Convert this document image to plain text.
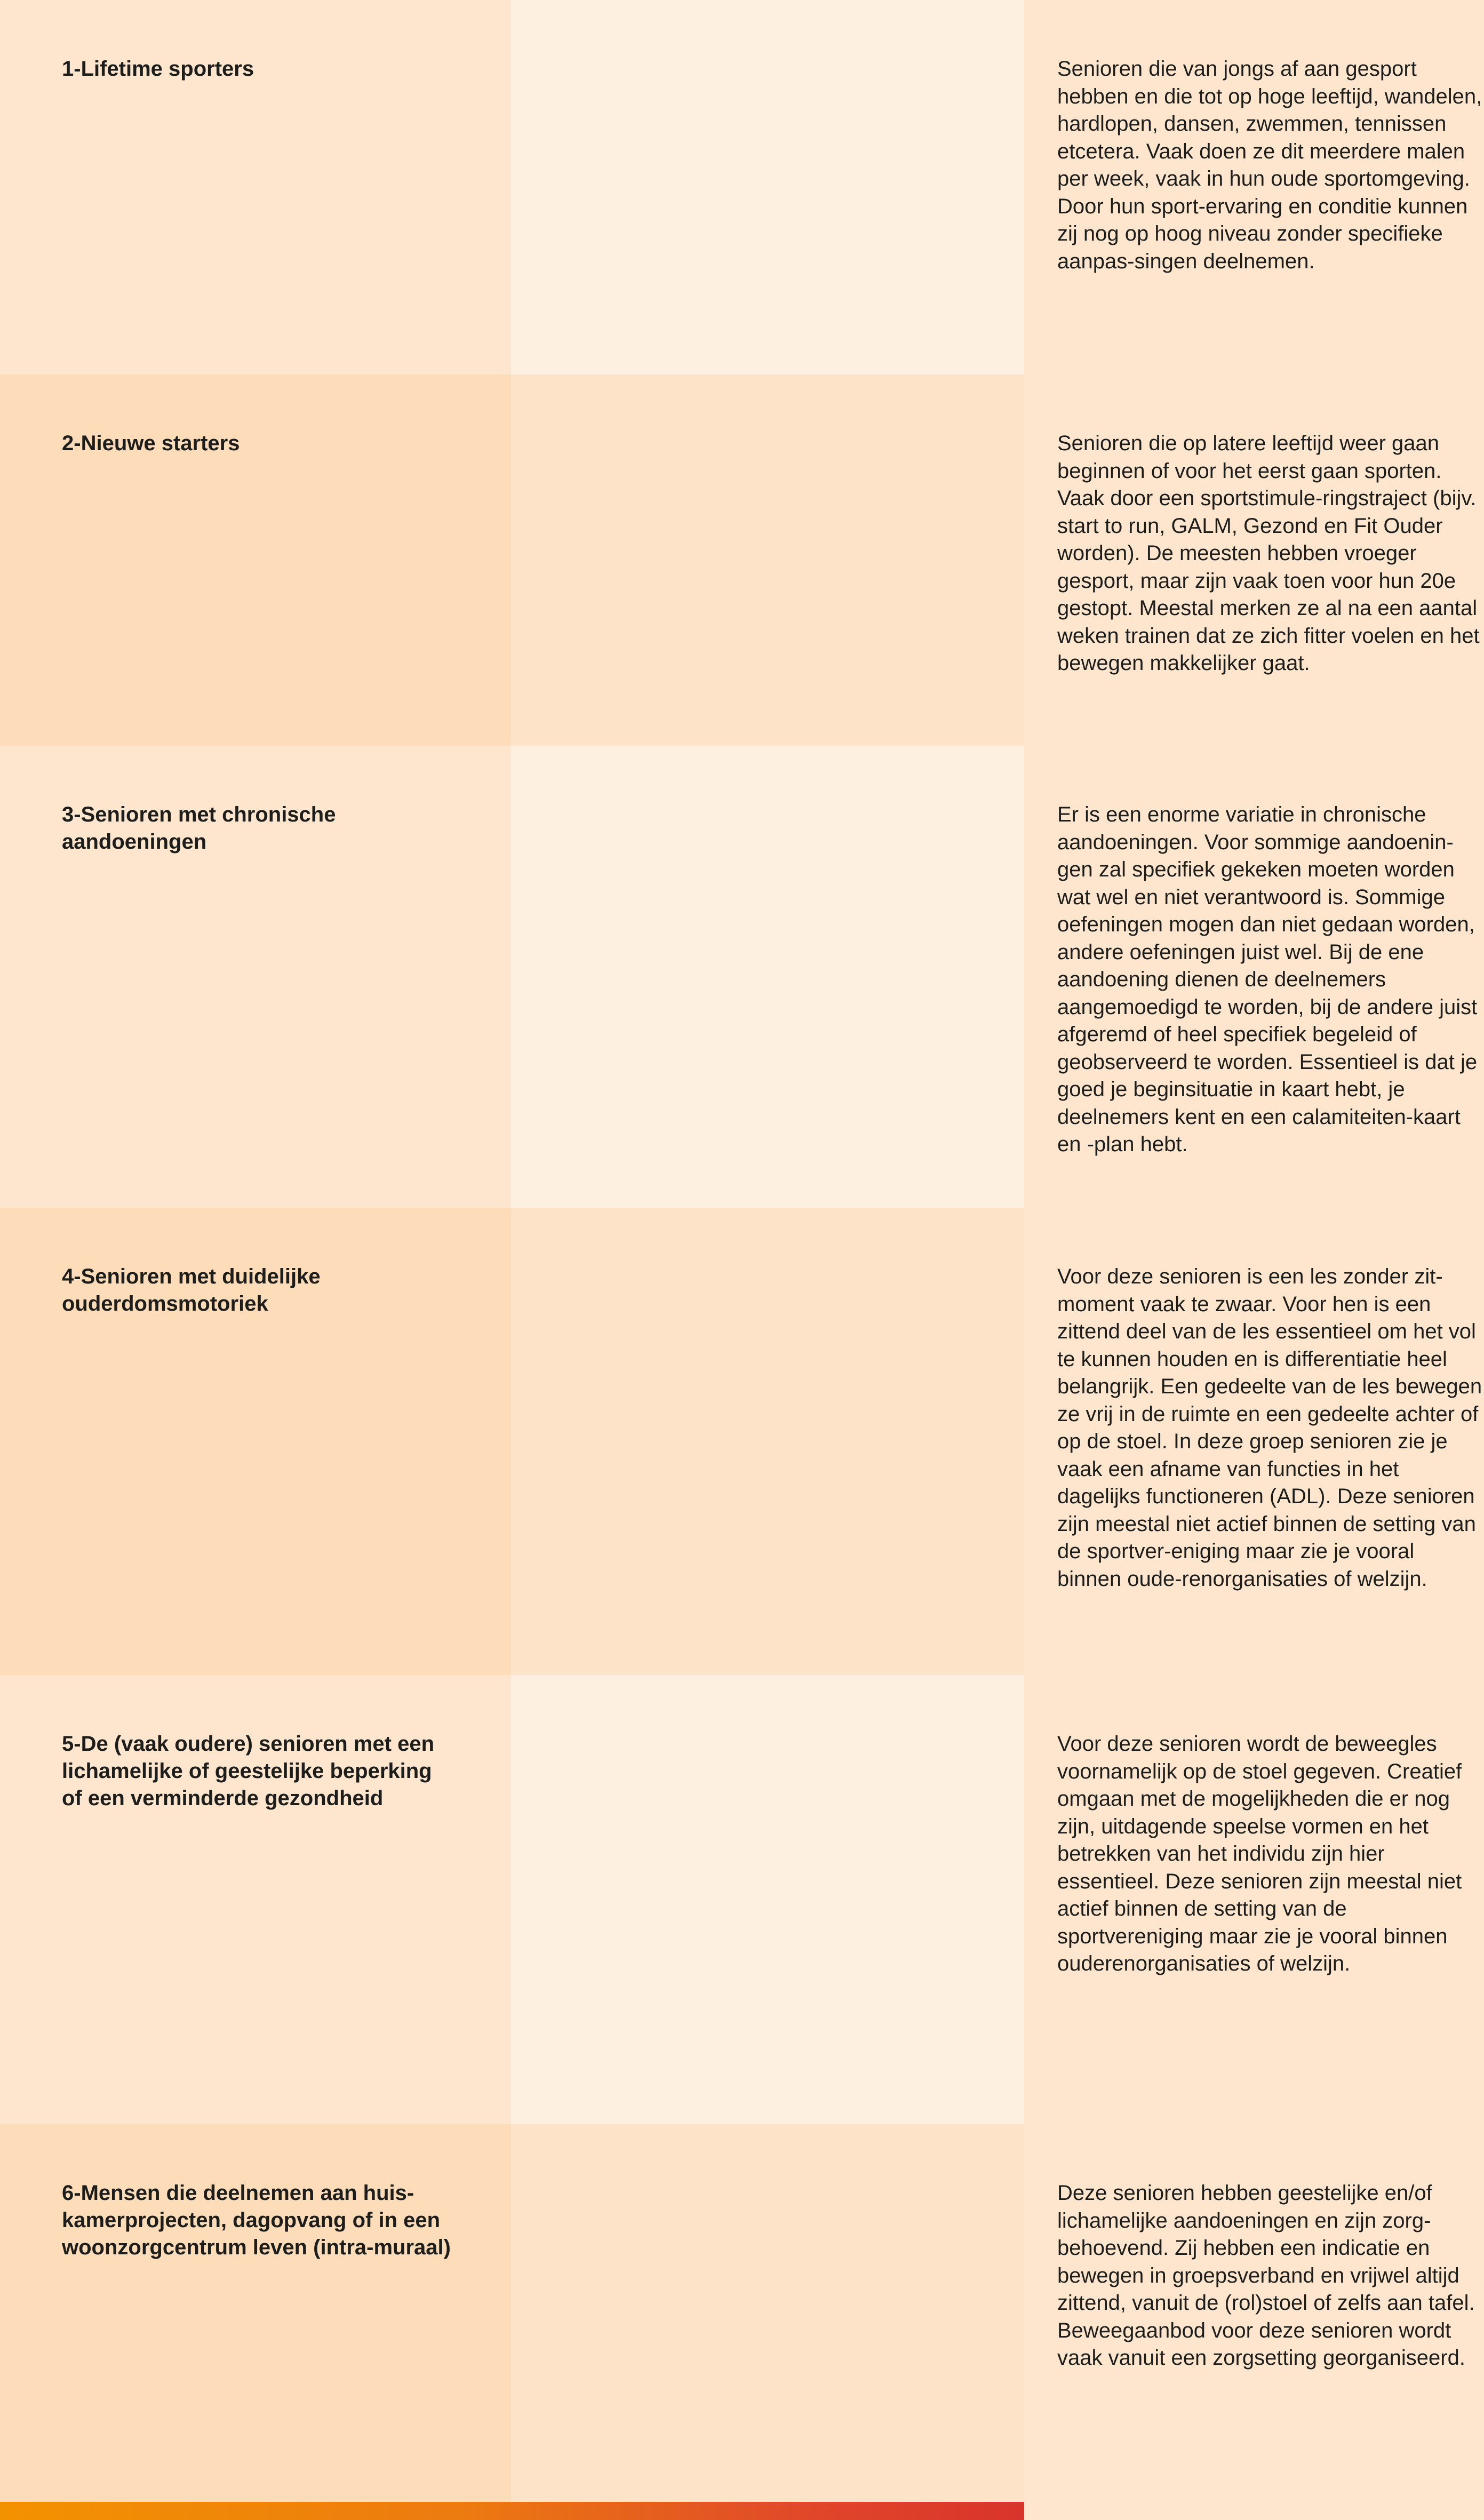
1-Lifetime sporters	Senioren die van jongs af aan gesport hebben en die tot op hoge leeftijd, wandelen, hardlopen, dansen, zwemmen, tennissen etcetera. Vaak doen ze dit meerdere malen per week, vaak in hun oude sportomgeving. Door hun sport-ervaring en conditie kunnen zij nog op hoog niveau zonder specifieke aanpas-singen deelnemen.

2-Nieuwe starters	Senioren die op latere leeftijd weer gaan beginnen of voor het eerst gaan sporten. Vaak door een sportstimule-ringstraject (bijv. start to run, GALM, Gezond en Fit Ouder worden). De meesten hebben vroeger gesport, maar zijn vaak toen voor hun 20e gestopt. Meestal merken ze al na een aantal weken trainen dat ze zich fitter voelen en het bewegen makkelijker gaat.

3-Senioren met chronische aandoeningen

Er is een enorme variatie in chronische aandoeningen. Voor sommige aandoenin-gen zal specifiek gekeken moeten worden wat wel en niet verantwoord is. Sommige oefeningen mogen dan niet gedaan worden, andere oefeningen juist wel. Bij de ene aandoening dienen de deelnemers aangemoedigd te worden, bij de andere juist afgeremd of heel specifiek begeleid of geobserveerd te worden. Essentieel is dat je goed je beginsituatie in kaart hebt, je deelnemers kent en een calamiteiten-kaart en -plan hebt.

4-Senioren met duidelijke ouderdomsmotoriek

Voor deze senioren is een les zonder zit-moment vaak te zwaar. Voor hen is een zittend deel van de les essentieel om het vol te kunnen houden en is differentiatie heel belangrijk. Een gedeelte van de les bewegen ze vrij in de ruimte en een gedeelte achter of op de stoel. In deze groep senioren zie je vaak een afname van functies in het dagelijks functioneren (ADL). Deze senioren zijn meestal niet actief binnen de setting van de sportver-eniging maar zie je vooral binnen oude-renorganisaties of welzijn.

5-De (vaak oudere) senioren met een lichamelijke of geestelijke beperking of een verminderde gezondheid

Voor deze senioren wordt de beweegles voornamelijk op de stoel gegeven. Creatief omgaan met de mogelijkheden die er nog zijn, uitdagende speelse vormen en het betrekken van het individu zijn hier essentieel. Deze senioren zijn meestal niet actief binnen de setting van de sportvereniging maar zie je vooral binnen ouderenorganisaties of welzijn.

6-Mensen die deelnemen aan huis-kamerprojecten, dagopvang of in een woonzorgcentrum leven (intra-muraal)

Deze senioren hebben geestelijke en/of lichamelijke aandoeningen en zijn zorg-behoevend. Zij hebben een indicatie en bewegen in groepsverband en vrijwel altijd zittend, vanuit de (rol)stoel of zelfs aan tafel. Beweegaanbod voor deze senioren wordt vaak vanuit een zorgsetting georganiseerd.
